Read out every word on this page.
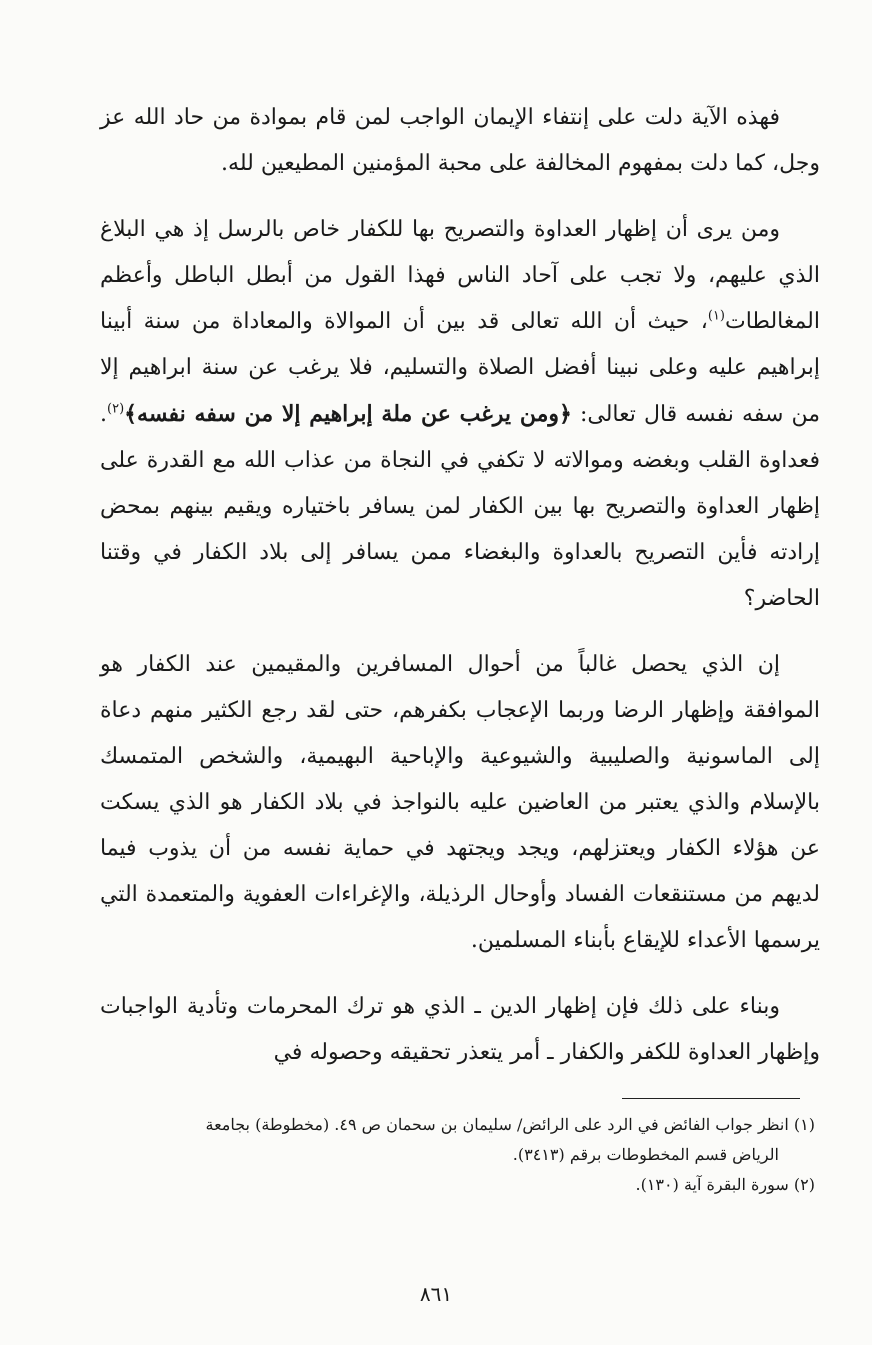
فهذه الآية دلت على إنتفاء الإيمان الواجب لمن قام بموادة من حاد الله عز وجل، كما دلت بمفهوم المخالفة على محبة المؤمنين المطيعين لله.

ومن يرى أن إظهار العداوة والتصريح بها للكفار خاص بالرسل إذ هي البلاغ الذي عليهم، ولا تجب على آحاد الناس فهذا القول من أبطل الباطل وأعظم المغالطات$^{(١)}$، حيث أن الله تعالى قد بين أن الموالاة والمعاداة من سنة أبينا إبراهيم عليه وعلى نبينا أفضل الصلاة والتسليم، فلا يرغب عن سنة ابراهيم إلا من سفه نفسه قال تعالى: ﴿ومن يرغب عن ملة إبراهيم إلا من سفه نفسه﴾$^{(٢)}$. فعداوة القلب وبغضه وموالاته لا تكفي في النجاة من عذاب الله مع القدرة على إظهار العداوة والتصريح بها بين الكفار لمن يسافر باختياره ويقيم بينهم بمحض إرادته فأين التصريح بالعداوة والبغضاء ممن يسافر إلى بلاد الكفار في وقتنا الحاضر؟

إن الذي يحصل غالباً من أحوال المسافرين والمقيمين عند الكفار هو الموافقة وإظهار الرضا وربما الإعجاب بكفرهم، حتى لقد رجع الكثير منهم دعاة إلى الماسونية والصليبية والشيوعية والإباحية البهيمية، والشخص المتمسك بالإسلام والذي يعتبر من العاضين عليه بالنواجذ في بلاد الكفار هو الذي يسكت عن هؤلاء الكفار ويعتزلهم، ويجد ويجتهد في حماية نفسه من أن يذوب فيما لديهم من مستنقعات الفساد وأوحال الرذيلة، والإغراءات العفوية والمتعمدة التي يرسمها الأعداء للإيقاع بأبناء المسلمين.

وبناء على ذلك فإن إظهار الدين ـ الذي هو ترك المحرمات وتأدية الواجبات وإظهار العداوة للكفر والكفار ـ أمر يتعذر تحقيقه وحصوله في

(١) انظر جواب الفائض في الرد على الرائض/ سليمان بن سحمان ص ٤٩. (مخطوطة) بجامعة
الرياض قسم المخطوطات برقم (٣٤١٣).

(٢) سورة البقرة آية (١٣٠).

٨٦١
